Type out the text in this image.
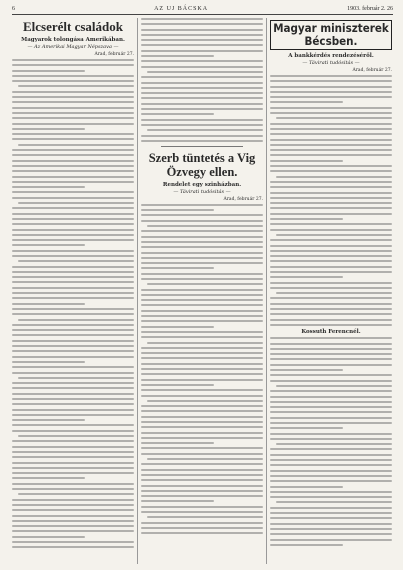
6	AZ UJ BÁCSKA	1903. február 2. 26
Elcserélt családok
Magyarok tolongása Amerikában.
— Az Amerikai Magyar Népszava —
Arad, február 27.
Szerb tüntetés a Vig Özvegy ellen.
Rendelet egy szinházban.
— Távirati tudósitás —
Arad, február 27.
Magyar miniszterek Bécsben.
A bankkérdés rendezéséről.
— Távirati tudósitás —
Arad, február 27.
Kossuth Ferencnél.
